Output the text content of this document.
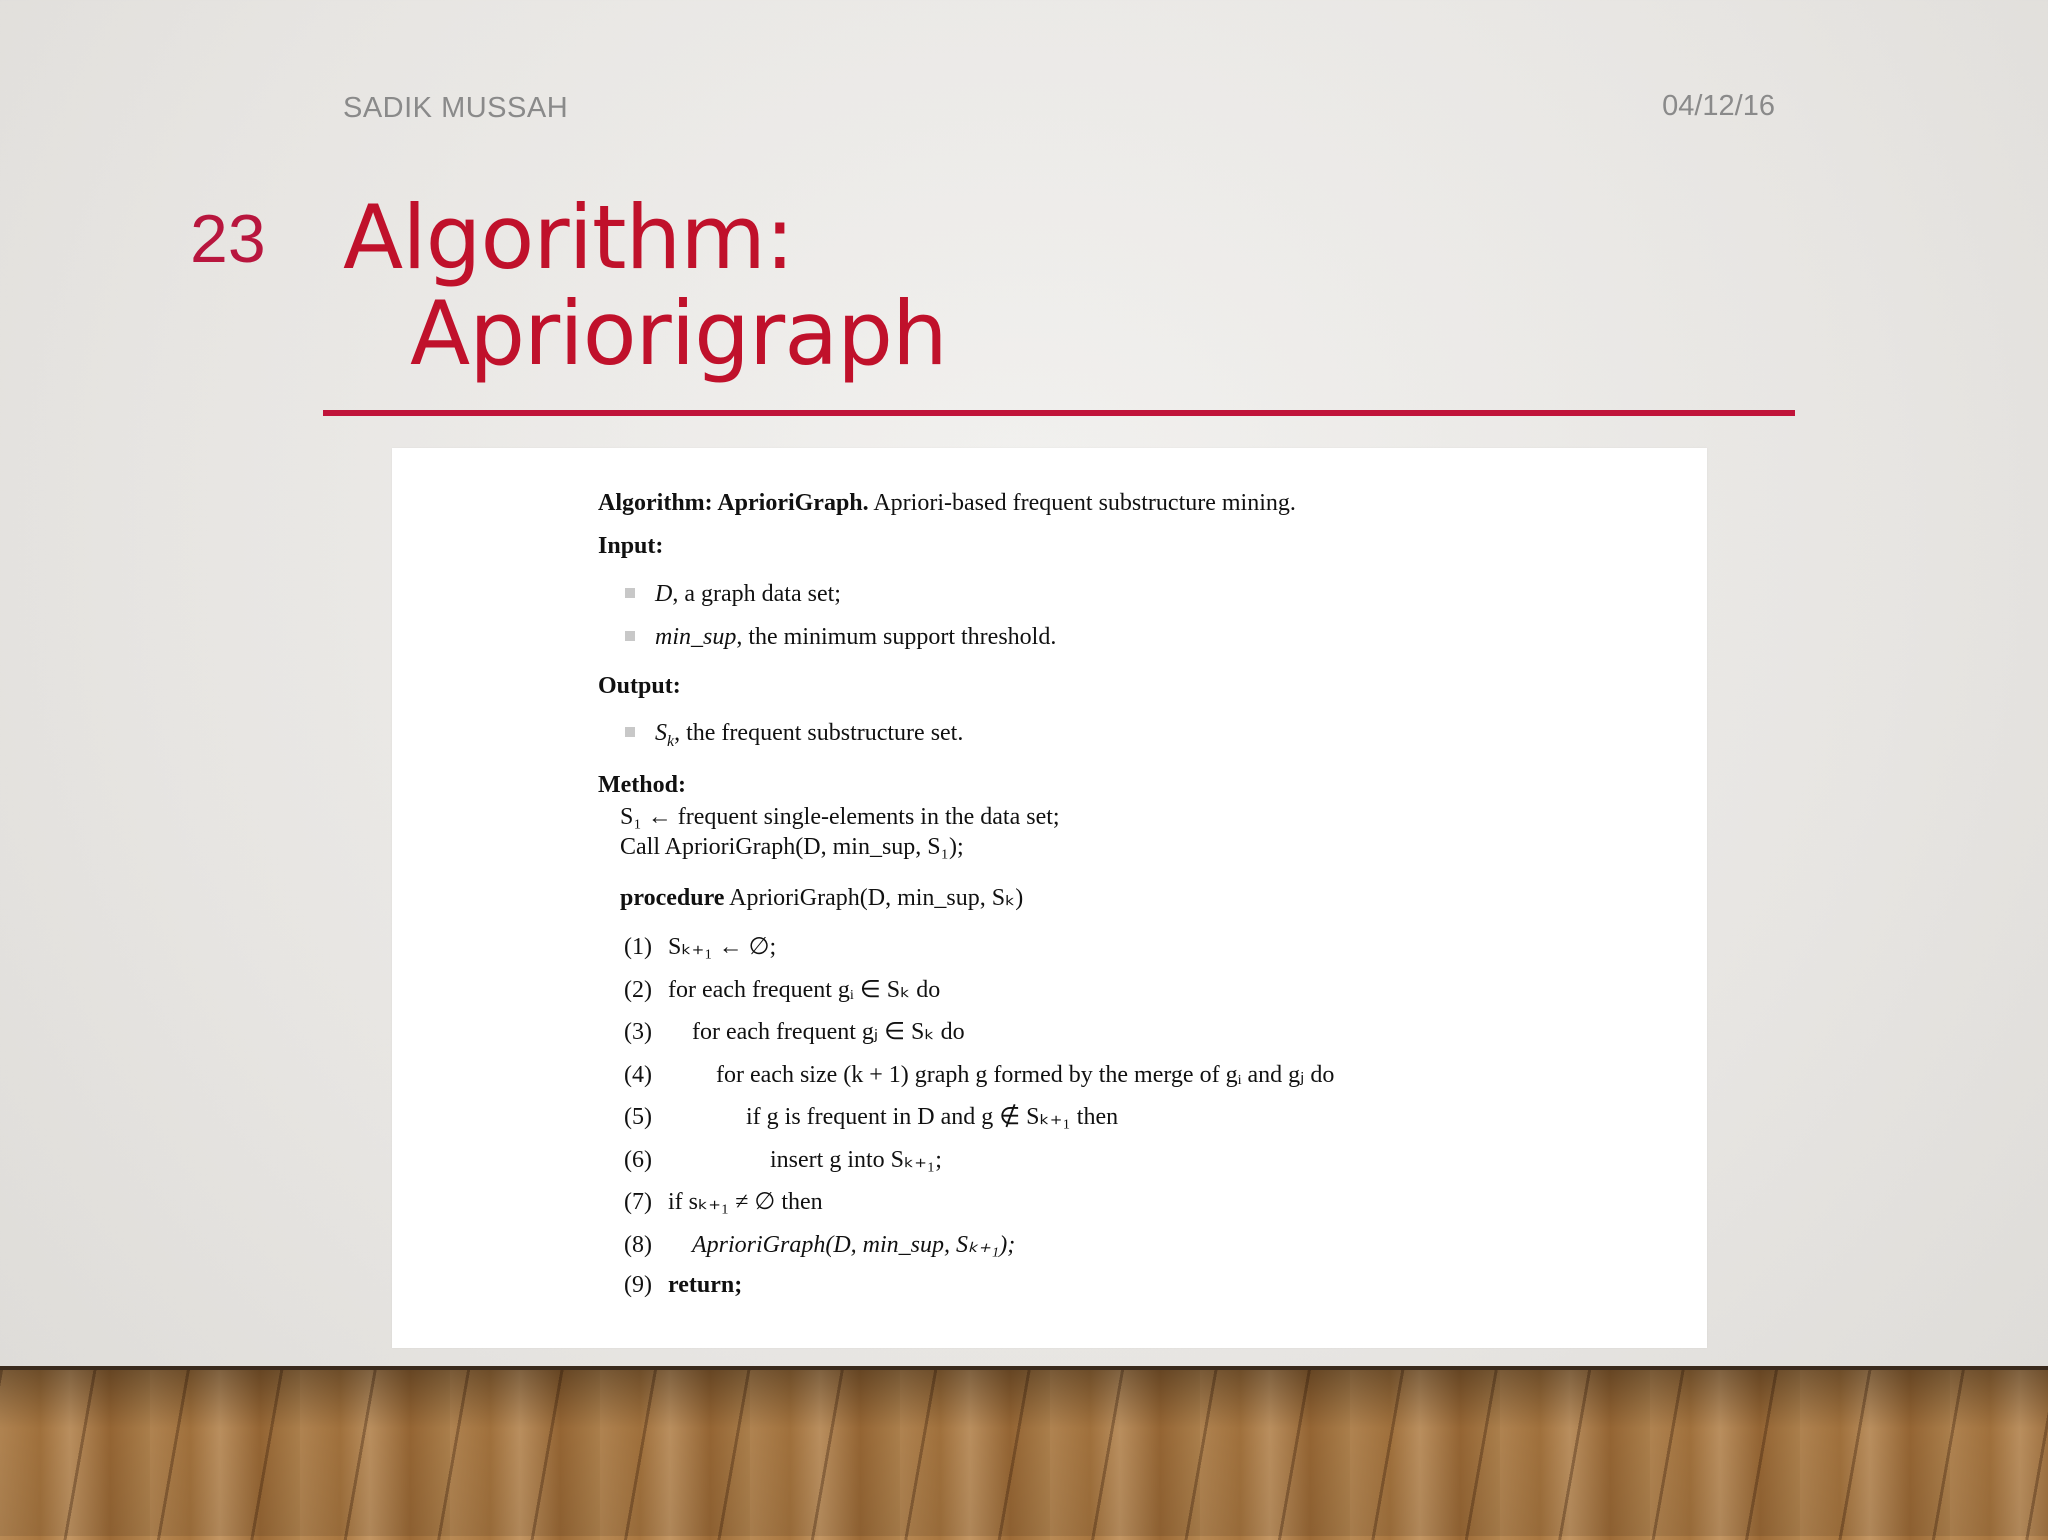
SADIK MUSSAH	04/12/16
23 Algorithm:
Apriorigraph
Algorithm: AprioriGraph. Apriori-based frequent substructure mining.
Input:
D, a graph data set;
min_sup, the minimum support threshold.
Output:
$S_k$, the frequent substructure set.
Method:
S₁ ← frequent single-elements in the data set;
Call AprioriGraph(D, min_sup, S₁);
procedure AprioriGraph(D, min_sup, Sₖ)
(1) Sₖ₊₁ ← ∅;
(2) for each frequent gᵢ ∈ Sₖ do
(3) for each frequent gⱼ ∈ Sₖ do
(4)	for each size (k + 1) graph g formed by the merge of gᵢ and gⱼ do
(5)	if g is frequent in D and g ∉ Sₖ₊₁ then
(6)	insert g into Sₖ₊₁;
(7) if sₖ₊₁ ≠ ∅ then
(8) AprioriGraph(D, min_sup, Sₖ₊₁);
(9) return;
